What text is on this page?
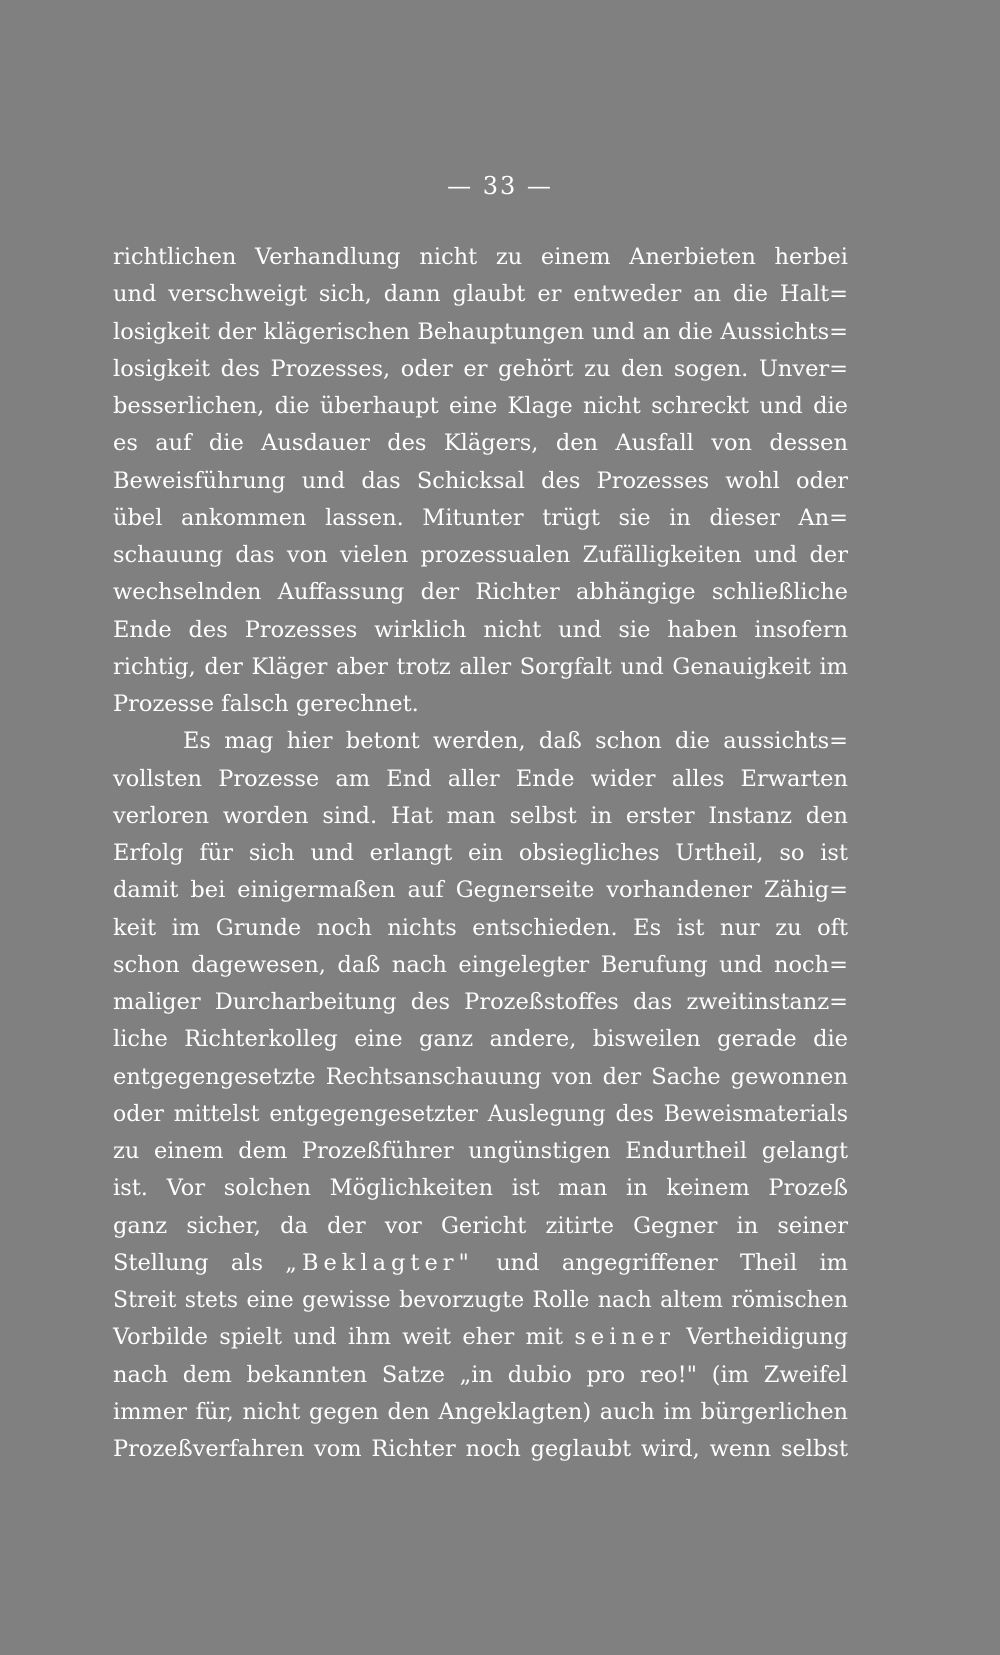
— 33 —
richtlichen Verhandlung nicht zu einem Anerbieten herbei
und verschweigt sich, dann glaubt er entweder an die Halt=
losigkeit der klägerischen Behauptungen und an die Aussichts=
losigkeit des Prozesses, oder er gehört zu den sogen. Unver=
besserlichen, die überhaupt eine Klage nicht schreckt und die
es auf die Ausdauer des Klägers, den Ausfall von dessen
Beweisführung und das Schicksal des Prozesses wohl oder
übel ankommen lassen. Mitunter trügt sie in dieser An=
schauung das von vielen prozessualen Zufälligkeiten und der
wechselnden Auffassung der Richter abhängige schließliche
Ende des Prozesses wirklich nicht und sie haben insofern
richtig, der Kläger aber trotz aller Sorgfalt und Genauigkeit im
Prozesse falsch gerechnet.
Es mag hier betont werden, daß schon die aussichts=
vollsten Prozesse am End aller Ende wider alles Erwarten
verloren worden sind. Hat man selbst in erster Instanz den
Erfolg für sich und erlangt ein obsiegliches Urtheil, so ist
damit bei einigermaßen auf Gegnerseite vorhandener Zähig=
keit im Grunde noch nichts entschieden. Es ist nur zu oft
schon dagewesen, daß nach eingelegter Berufung und noch=
maliger Durcharbeitung des Prozeßstoffes das zweitinstanz=
liche Richterkolleg eine ganz andere, bisweilen gerade die
entgegengesetzte Rechtsanschauung von der Sache gewonnen
oder mittelst entgegengesetzter Auslegung des Beweismaterials
zu einem dem Prozeßführer ungünstigen Endurtheil gelangt
ist. Vor solchen Möglichkeiten ist man in keinem Prozeß
ganz sicher, da der vor Gericht zitirte Gegner in seiner
Stellung als „Beklagter" und angegriffener Theil im
Streit stets eine gewisse bevorzugte Rolle nach altem römischen
Vorbilde spielt und ihm weit eher mit seiner Vertheidigung
nach dem bekannten Satze „in dubio pro reo!" (im Zweifel
immer für, nicht gegen den Angeklagten) auch im bürgerlichen
Prozeßverfahren vom Richter noch geglaubt wird, wenn selbst
